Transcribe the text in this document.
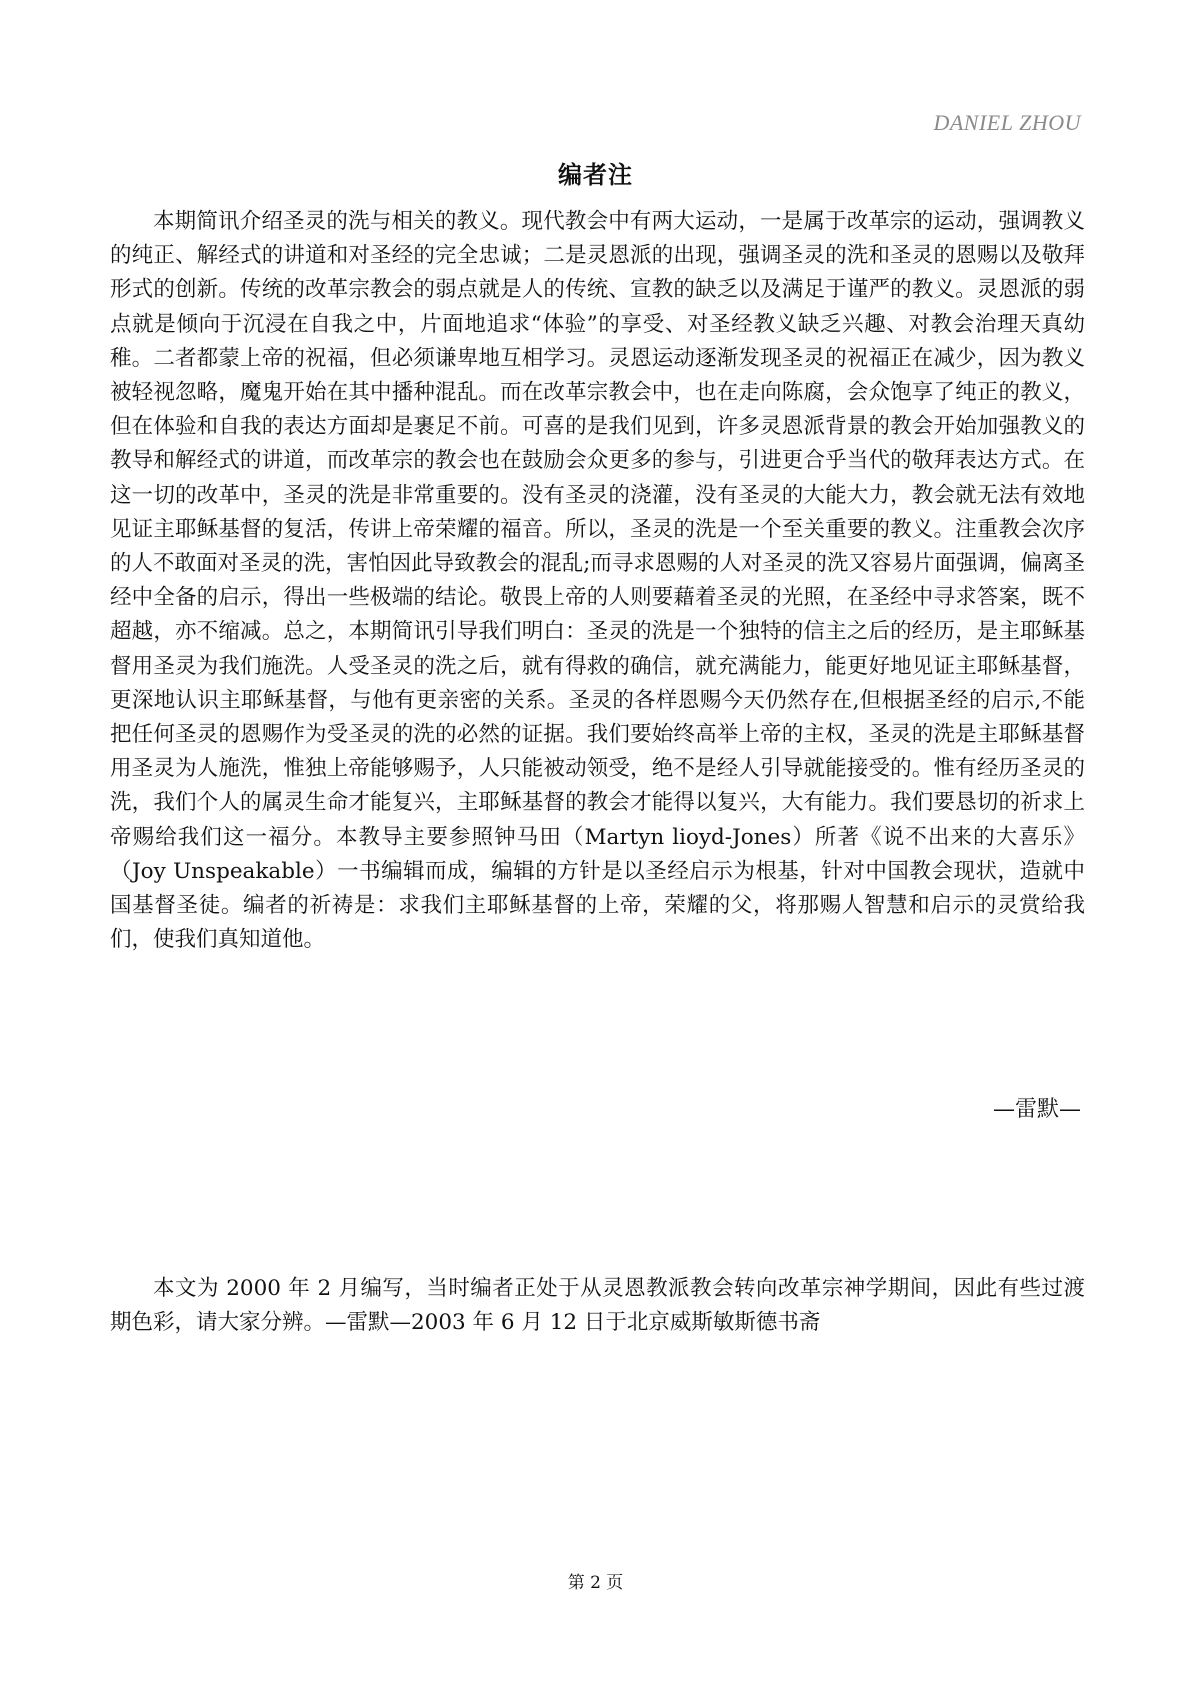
DANIEL ZHOU
编者注

本期简讯介绍圣灵的洗与相关的教义。现代教会中有两大运动，一是属于改革宗的运动，强调教义的纯正、解经式的讲道和对圣经的完全忠诚；二是灵恩派的出现，强调圣灵的洗和圣灵的恩赐以及敬拜形式的创新。传统的改革宗教会的弱点就是人的传统、宣教的缺乏以及满足于谨严的教义。灵恩派的弱点就是倾向于沉浸在自我之中，片面地追求“体验”的享受、对圣经教义缺乏兴趣、对教会治理天真幼稚。二者都蒙上帝的祝福，但必须谦卑地互相学习。灵恩运动逐渐发现圣灵的祝福正在减少，因为教义被轻视忽略，魔鬼开始在其中播种混乱。而在改革宗教会中，也在走向陈腐，会众饱享了纯正的教义，但在体验和自我的表达方面却是裹足不前。可喜的是我们见到，许多灵恩派背景的教会开始加强教义的教导和解经式的讲道，而改革宗的教会也在鼓励会众更多的参与，引进更合乎当代的敬拜表达方式。在这一切的改革中，圣灵的洗是非常重要的。没有圣灵的浇灌，没有圣灵的大能大力，教会就无法有效地见证主耶稣基督的复活，传讲上帝荣耀的福音。所以，圣灵的洗是一个至关重要的教义。注重教会次序的人不敢面对圣灵的洗，害怕因此导致教会的混乱;而寻求恩赐的人对圣灵的洗又容易片面强调，偏离圣经中全备的启示，得出一些极端的结论。敬畏上帝的人则要藉着圣灵的光照，在圣经中寻求答案，既不超越，亦不缩减。总之，本期简讯引导我们明白：圣灵的洗是一个独特的信主之后的经历，是主耶稣基督用圣灵为我们施洗。人受圣灵的洗之后，就有得救的确信，就充满能力，能更好地见证主耶稣基督，更深地认识主耶稣基督，与他有更亲密的关系。圣灵的各样恩赐今天仍然存在,但根据圣经的启示,不能把任何圣灵的恩赐作为受圣灵的洗的必然的证据。我们要始终高举上帝的主权，圣灵的洗是主耶稣基督用圣灵为人施洗，惟独上帝能够赐予，人只能被动领受，绝不是经人引导就能接受的。惟有经历圣灵的洗，我们个人的属灵生命才能复兴，主耶稣基督的教会才能得以复兴，大有能力。我们要恳切的祈求上帝赐给我们这一福分。本教导主要参照钟马田（Martyn lioyd-Jones）所著《说不出来的大喜乐》（Joy Unspeakable）一书编辑而成，编辑的方针是以圣经启示为根基，针对中国教会现状，造就中国基督圣徒。编者的祈祷是：求我们主耶稣基督的上帝，荣耀的父，将那赐人智慧和启示的灵赏给我们，使我们真知道他。

—雷默—

本文为 2000 年 2 月编写，当时编者正处于从灵恩教派教会转向改革宗神学期间，因此有些过渡期色彩，请大家分辨。—雷默—2003 年 6 月 12 日于北京威斯敏斯德书斋

第 2 页
